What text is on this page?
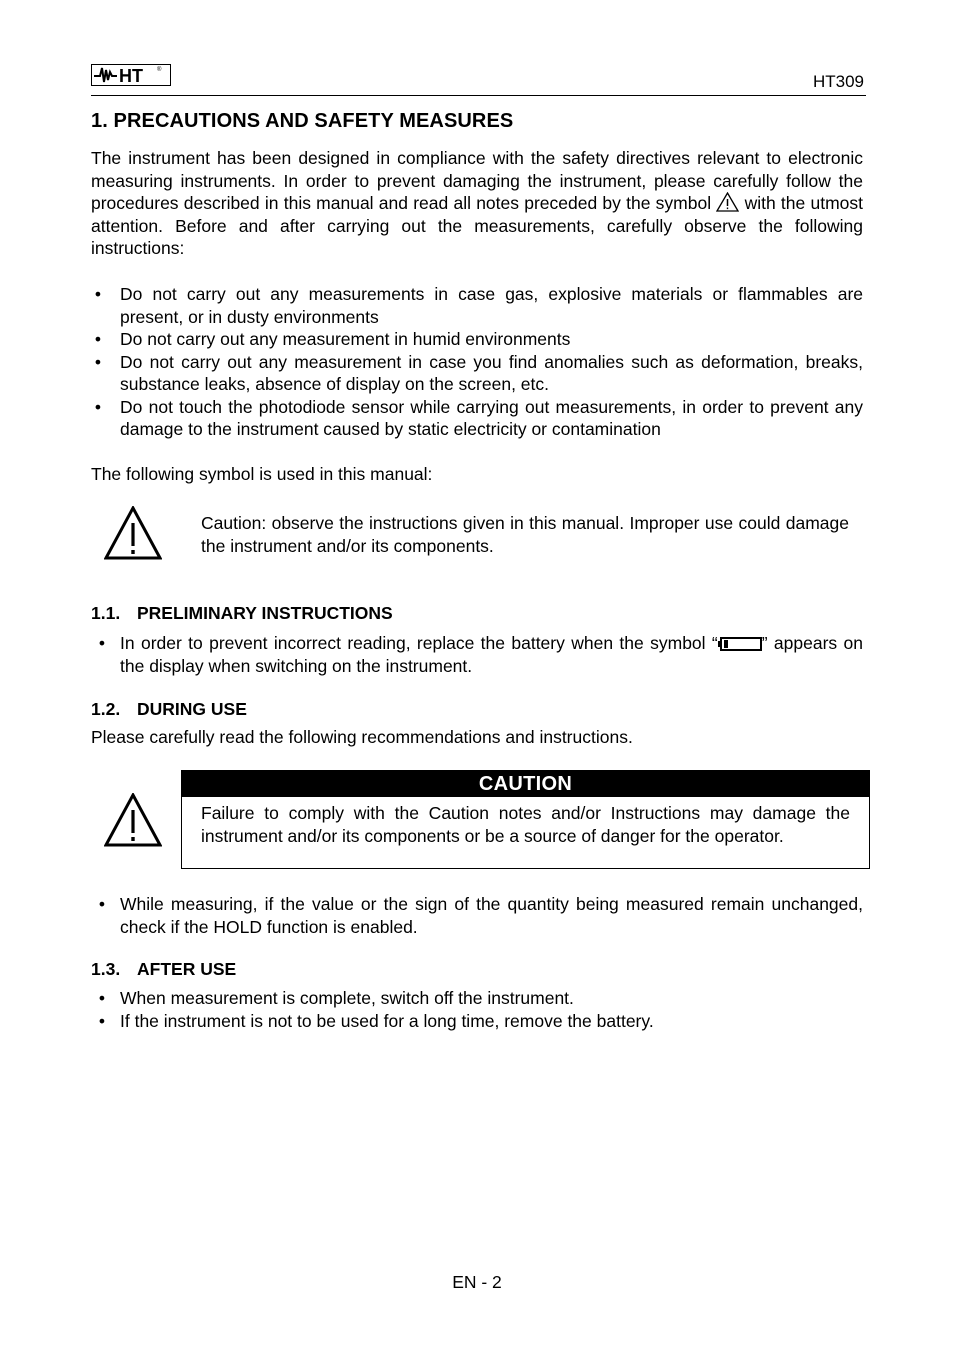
HT ®
HT309
1. PRECAUTIONS AND SAFETY MEASURES

The instrument has been designed in compliance with the safety directives relevant to electronic measuring instruments. In order to prevent damaging the instrument, please carefully follow the procedures described in this manual and read all notes preceded by the symbol with the utmost attention. Before and after carrying out the measurements, carefully observe the following instructions:

• Do not carry out any measurements in case gas, explosive materials or flammables are present, or in dusty environments
• Do not carry out any measurement in humid environments
• Do not carry out any measurement in case you find anomalies such as deformation, breaks, substance leaks, absence of display on the screen, etc.
• Do not touch the photodiode sensor while carrying out measurements, in order to prevent any damage to the instrument caused by static electricity or contamination

The following symbol is used in this manual:

Caution: observe the instructions given in this manual. Improper use could damage the instrument and/or its components.

1.1. PRELIMINARY INSTRUCTIONS
• In order to prevent incorrect reading, replace the battery when the symbol “	” appears on the display when switching on the instrument.
1.2. DURING USE

Please carefully read the following recommendations and instructions.

CAUTION

Failure to comply with the Caution notes and/or Instructions may damage the instrument and/or its components or be a source of danger for the operator.

• While measuring, if the value or the sign of the quantity being measured remain unchanged, check if the HOLD function is enabled.
1.3. AFTER USE
• When measurement is complete, switch off the instrument.
• If the instrument is not to be used for a long time, remove the battery.
EN - 2
